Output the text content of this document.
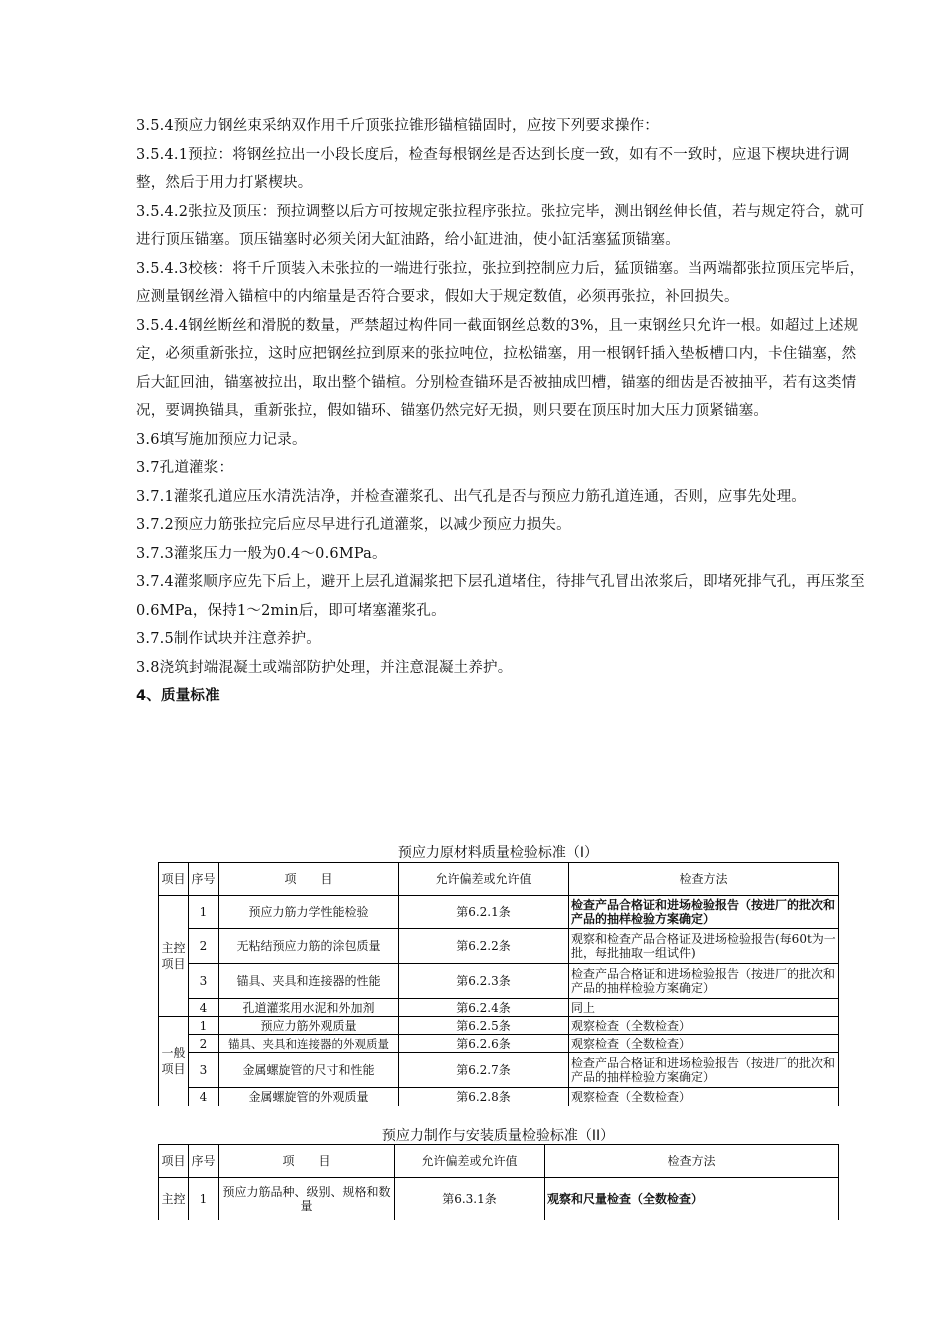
3.5.4预应力钢丝束采纳双作用千斤顶张拉锥形锚楦锚固时，应按下列要求操作：

3.5.4.1预拉：将钢丝拉出一小段长度后，检查每根钢丝是否达到长度一致，如有不一致时，应退下楔块进行调整，然后于用力打紧楔块。

3.5.4.2张拉及顶压：预拉调整以后方可按规定张拉程序张拉。张拉完毕，测出钢丝伸长值，若与规定符合，就可进行顶压锚塞。顶压锚塞时必须关闭大缸油路，给小缸进油，使小缸活塞猛顶锚塞。

3.5.4.3校核：将千斤顶装入未张拉的一端进行张拉，张拉到控制应力后，猛顶锚塞。当两端都张拉顶压完毕后，应测量钢丝滑入锚楦中的内缩量是否符合要求，假如大于规定数值，必须再张拉，补回损失。

3.5.4.4钢丝断丝和滑脱的数量，严禁超过构件同一截面钢丝总数的3%，且一束钢丝只允许一根。如超过上述规定，必须重新张拉，这时应把钢丝拉到原来的张拉吨位，拉松锚塞，用一根钢钎插入垫板槽口内，卡住锚塞，然后大缸回油，锚塞被拉出，取出整个锚楦。分别检查锚环是否被抽成凹槽，锚塞的细齿是否被抽平，若有这类情况，要调换锚具，重新张拉，假如锚环、锚塞仍然完好无损，则只要在顶压时加大压力顶紧锚塞。

3.6填写施加预应力记录。

3.7孔道灌浆：

3.7.1灌浆孔道应压水清洗洁净，并检查灌浆孔、出气孔是否与预应力筋孔道连通，否则，应事先处理。

3.7.2预应力筋张拉完后应尽早进行孔道灌浆，以减少预应力损失。

3.7.3灌浆压力一般为0.4～0.6MPa。

3.7.4灌浆顺序应先下后上，避开上层孔道漏浆把下层孔道堵住，待排气孔冒出浓浆后，即堵死排气孔，再压浆至0.6MPa，保持1～2min后，即可堵塞灌浆孔。

3.7.5制作试块并注意养护。

3.8浇筑封端混凝土或端部防护处理，并注意混凝土养护。

4、质量标准

预应力原材料质量检验标准（I）
项目	序号	项　　目	允许偏差或允许值	检查方法
主控项目	1	预应力筋力学性能检验	第6.2.1条	检查产品合格证和进场检验报告（按进厂的批次和产品的抽样检验方案确定）
	2	无粘结预应力筋的涂包质量	第6.2.2条	观察和检查产品合格证及进场检验报告(每60t为一批，每批抽取一组试件)
	3	锚具、夹具和连接器的性能	第6.2.3条	检查产品合格证和进场检验报告（按进厂的批次和产品的抽样检验方案确定）
	4	孔道灌浆用水泥和外加剂	第6.2.4条	同上
一般项目	1	预应力筋外观质量	第6.2.5条	观察检查（全数检查）
	2	锚具、夹具和连接器的外观质量	第6.2.6条	观察检查（全数检查）
	3	金属螺旋管的尺寸和性能	第6.2.7条	检查产品合格证和进场检验报告（按进厂的批次和产品的抽样检验方案确定）
	4	金属螺旋管的外观质量	第6.2.8条	观察检查（全数检查）
预应力制作与安装质量检验标准（II）
项目	序号	项　　目	允许偏差或允许值	检查方法
主控	1	预应力筋品种、级别、规格和数量	第6.3.1条	观察和尺量检查（全数检查）
